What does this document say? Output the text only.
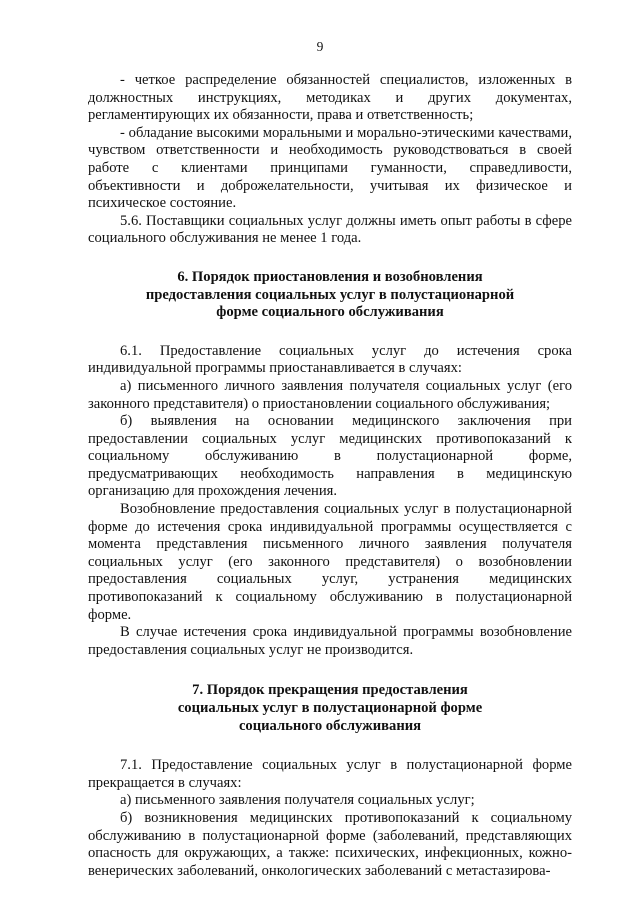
9

- четкое распределение обязанностей специалистов, изложенных в должностных инструкциях, методиках и других документах, регламентирующих их обязанности, права и ответственность;

- обладание высокими моральными и морально-этическими качествами, чувством ответственности и необходимость руководствоваться в своей работе с клиентами принципами гуманности, справедливости, объективности и доброжелательности, учитывая их физическое и психическое состояние.

5.6. Поставщики социальных услуг должны иметь опыт работы в сфере социального обслуживания не менее 1 года.

6. Порядок приостановления и возобновления
предоставления социальных услуг в полустационарной
форме социального обслуживания

6.1. Предоставление социальных услуг до истечения срока индивидуальной программы приостанавливается в случаях:

а) письменного личного заявления получателя социальных услуг (его законного представителя) о приостановлении социального обслуживания;

б) выявления на основании медицинского заключения при предоставлении социальных услуг медицинских противопоказаний к социальному обслуживанию в полустационарной форме, предусматривающих необходимость направления в медицинскую организацию для прохождения лечения.

Возобновление предоставления социальных услуг в полустационарной форме до истечения срока индивидуальной программы осуществляется с момента представления письменного личного заявления получателя социальных услуг (его законного представителя) о возобновлении предоставления социальных услуг, устранения медицинских противопоказаний к социальному обслуживанию в полустационарной форме.

В случае истечения срока индивидуальной программы возобновление предоставления социальных услуг не производится.

7. Порядок прекращения предоставления
социальных услуг в полустационарной форме
социального обслуживания

7.1. Предоставление социальных услуг в полустационарной форме прекращается в случаях:

а) письменного заявления получателя социальных услуг;

б) возникновения медицинских противопоказаний к социальному обслуживанию в полустационарной форме (заболеваний, представляющих опасность для окружающих, а также: психических, инфекционных, кожно-венерических заболеваний, онкологических заболеваний с метастазирова-
